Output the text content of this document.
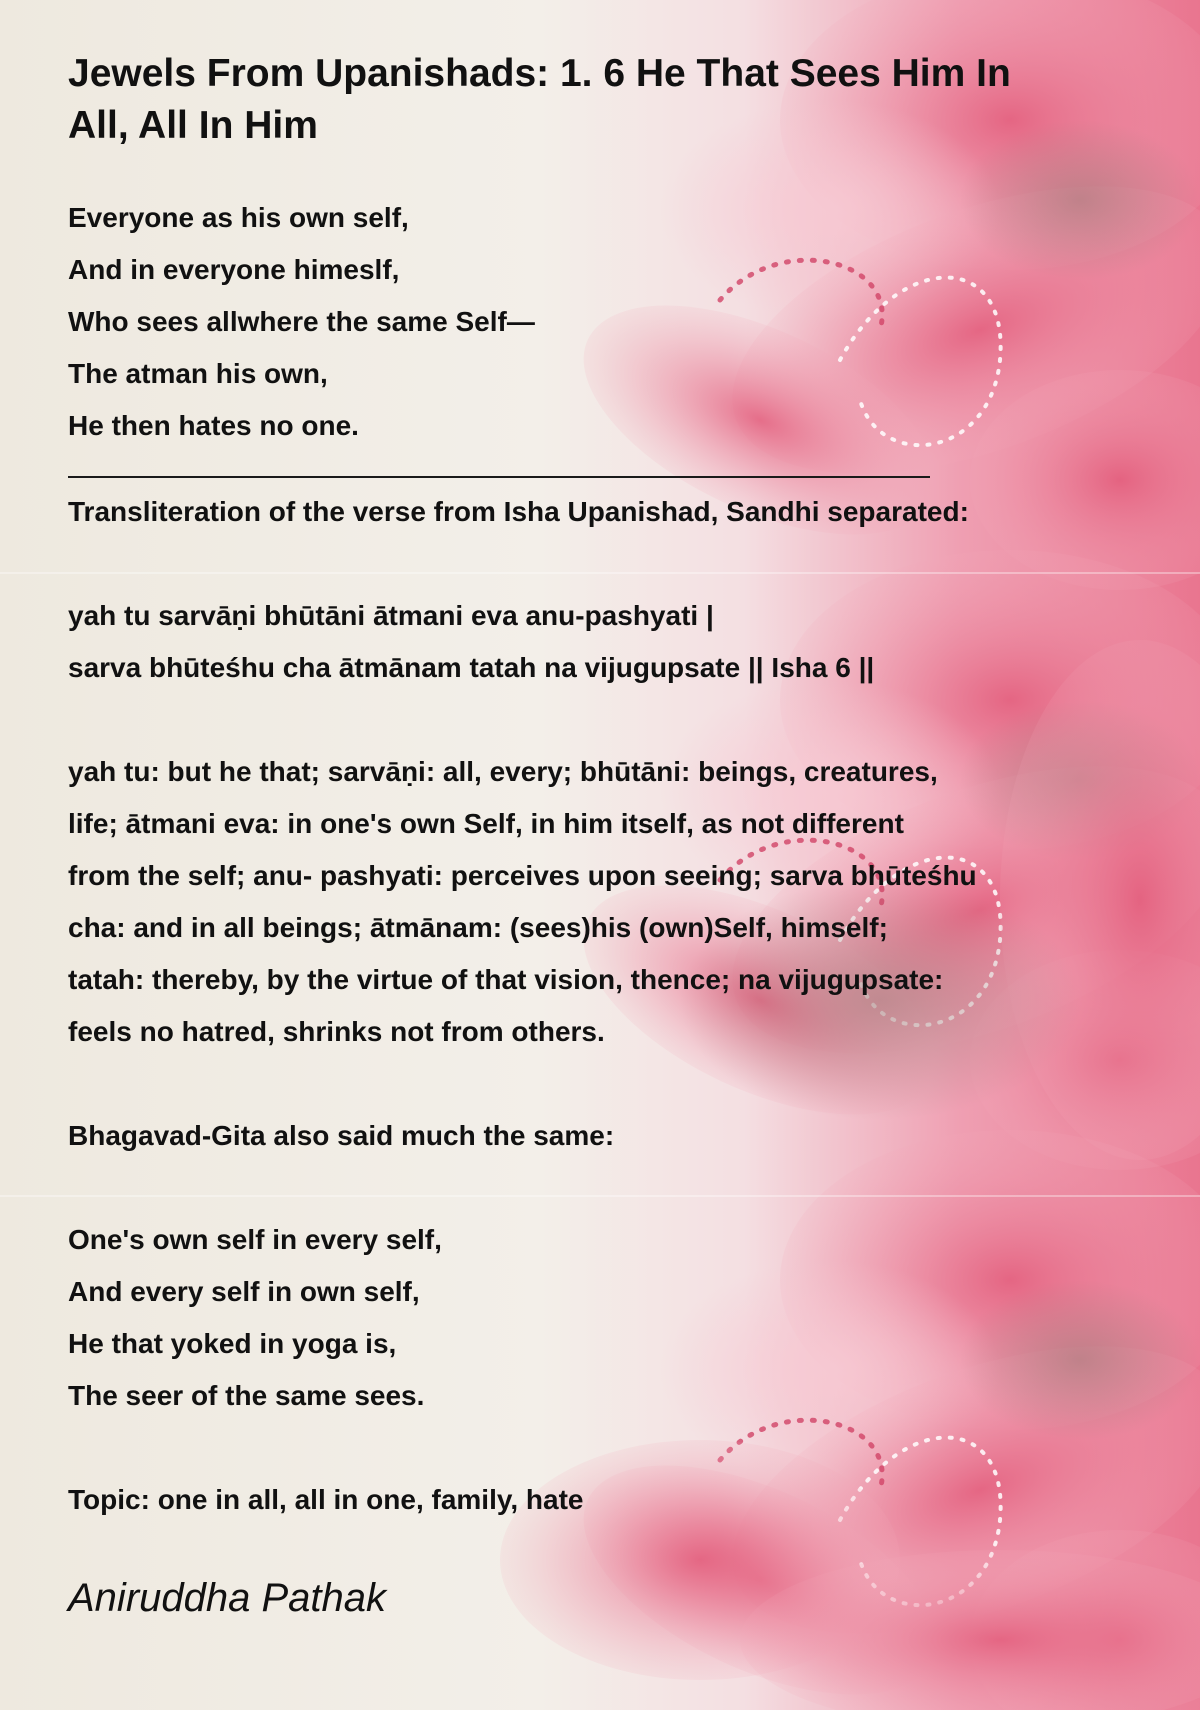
Jewels From Upanishads: 1. 6 He That Sees Him In All, All In Him
Everyone as his own self,
And in everyone himeslf,
Who sees allwhere the same Self—
The atman his own,
He then hates no one.
Transliteration of the verse from Isha Upanishad, Sandhi separated:
yah tu sarvāṇi bhūtāni ātmani eva anu-pashyati |
sarva bhūteśhu cha ātmānam tatah na vijugupsate || Isha 6 ||
yah tu: but he that; sarvāṇi: all, every; bhūtāni: beings, creatures,
life; ātmani eva: in one's own Self, in him itself, as not different
from the self; anu- pashyati: perceives upon seeing; sarva bhūteśhu
cha: and in all beings; ātmānam: (sees)his (own)Self, himself;
tatah: thereby, by the virtue of that vision, thence; na vijugupsate:
feels no hatred, shrinks not from others.
Bhagavad-Gita also said much the same:
One's own self in every self,
And every self in own self,
He that yoked in yoga is,
The seer of the same sees.
Topic: one in all, all in one, family, hate
Aniruddha Pathak
